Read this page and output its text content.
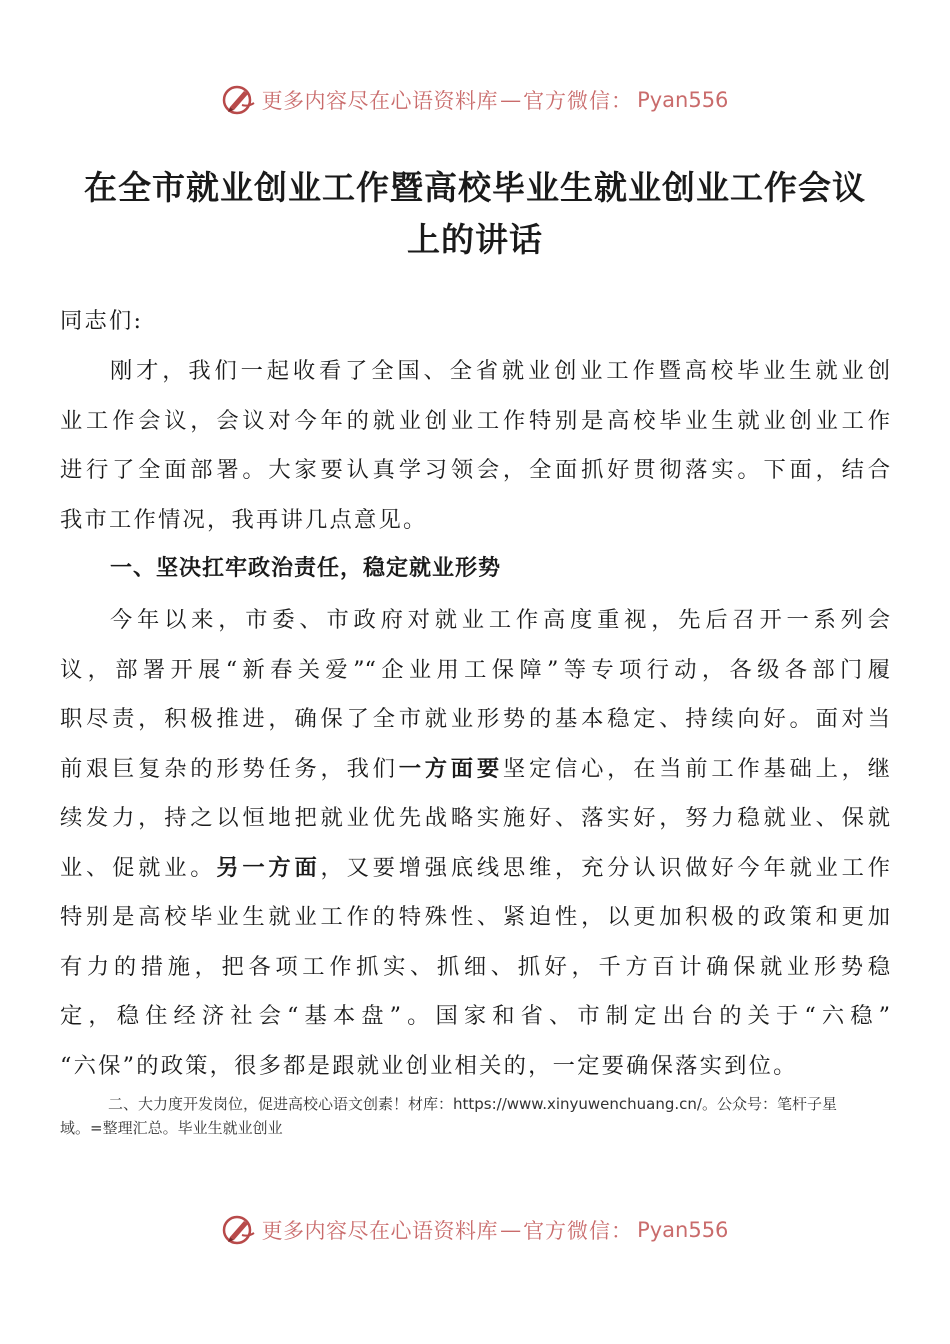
更多内容尽在心语资料库 — 官方微信： Pyan556
在全市就业创业工作暨高校毕业生就业创业工作会议
上的讲话
同志们:
刚才，我们一起收看了全国、全省就业创业工作暨高校毕业生就业创
业工作会议，会议对今年的就业创业工作特别是高校毕业生就业创业工作
进行了全面部署。大家要认真学习领会，全面抓好贯彻落实。下面，结合
我市工作情况，我再讲几点意见。
一、坚决扛牢政治责任，稳定就业形势
今年以来，市委、市政府对就业工作高度重视，先后召开一系列会
议，部署开展“新春关爱”“企业用工保障”等专项行动，各级各部门履
职尽责，积极推进，确保了全市就业形势的基本稳定、持续向好。面对当
前艰巨复杂的形势任务，我们一方面要坚定信心，在当前工作基础上，继
续发力，持之以恒地把就业优先战略实施好、落实好，努力稳就业、保就
业、促就业。另一方面，又要增强底线思维，充分认识做好今年就业工作
特别是高校毕业生就业工作的特殊性、紧迫性，以更加积极的政策和更加
有力的措施，把各项工作抓实、抓细、抓好，千方百计确保就业形势稳
定，稳住经济社会“基本盘”。国家和省、市制定出台的关于“六稳”
“六保”的政策，很多都是跟就业创业相关的，一定要确保落实到位。
二、大力度开发岗位，促进高校心语文创素！材库：https://www.xinyuwenchuang.cn/。公众号：笔杆子星
域。=整理汇总。毕业生就业创业
更多内容尽在心语资料库 — 官方微信： Pyan556
